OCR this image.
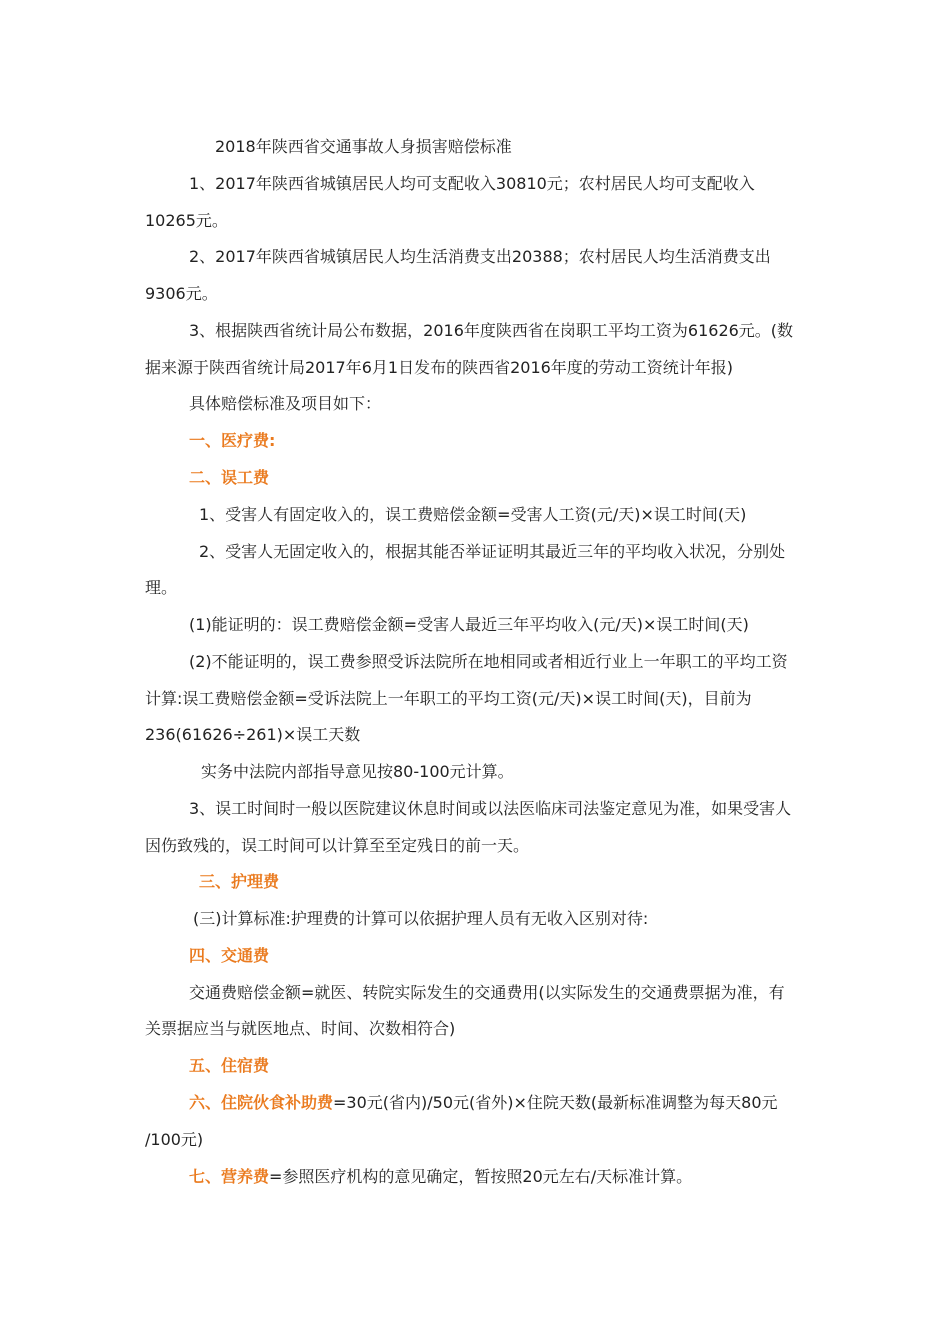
2018年陕西省交通事故人身损害赔偿标准
1、2017年陕西省城镇居民人均可支配收入30810元；农村居民人均可支配收入
10265元。
2、2017年陕西省城镇居民人均生活消费支出20388；农村居民人均生活消费支出
9306元。
3、根据陕西省统计局公布数据，2016年度陕西省在岗职工平均工资为61626元。(数
据来源于陕西省统计局2017年6月1日发布的陕西省2016年度的劳动工资统计年报)
具体赔偿标准及项目如下：
一、医疗费:
二、误工费
1、受害人有固定收入的，误工费赔偿金额=受害人工资(元/天)×误工时间(天)
2、受害人无固定收入的，根据其能否举证证明其最近三年的平均收入状况，分别处
理。
(1)能证明的：误工费赔偿金额=受害人最近三年平均收入(元/天)×误工时间(天)
(2)不能证明的，误工费参照受诉法院所在地相同或者相近行业上一年职工的平均工资
计算:误工费赔偿金额=受诉法院上一年职工的平均工资(元/天)×误工时间(天)，目前为
236(61626÷261)×误工天数
实务中法院内部指导意见按80-100元计算。
3、误工时间时一般以医院建议休息时间或以法医临床司法鉴定意见为准，如果受害人
因伤致残的，误工时间可以计算至至定残日的前一天。
三、护理费
(三)计算标准:护理费的计算可以依据护理人员有无收入区别对待:
四、交通费
交通费赔偿金额=就医、转院实际发生的交通费用(以实际发生的交通费票据为准，有
关票据应当与就医地点、时间、次数相符合)
五、住宿费
六、住院伙食补助费=30元(省内)/50元(省外)×住院天数(最新标准调整为每天80元
/100元)
七、营养费=参照医疗机构的意见确定，暂按照20元左右/天标准计算。
